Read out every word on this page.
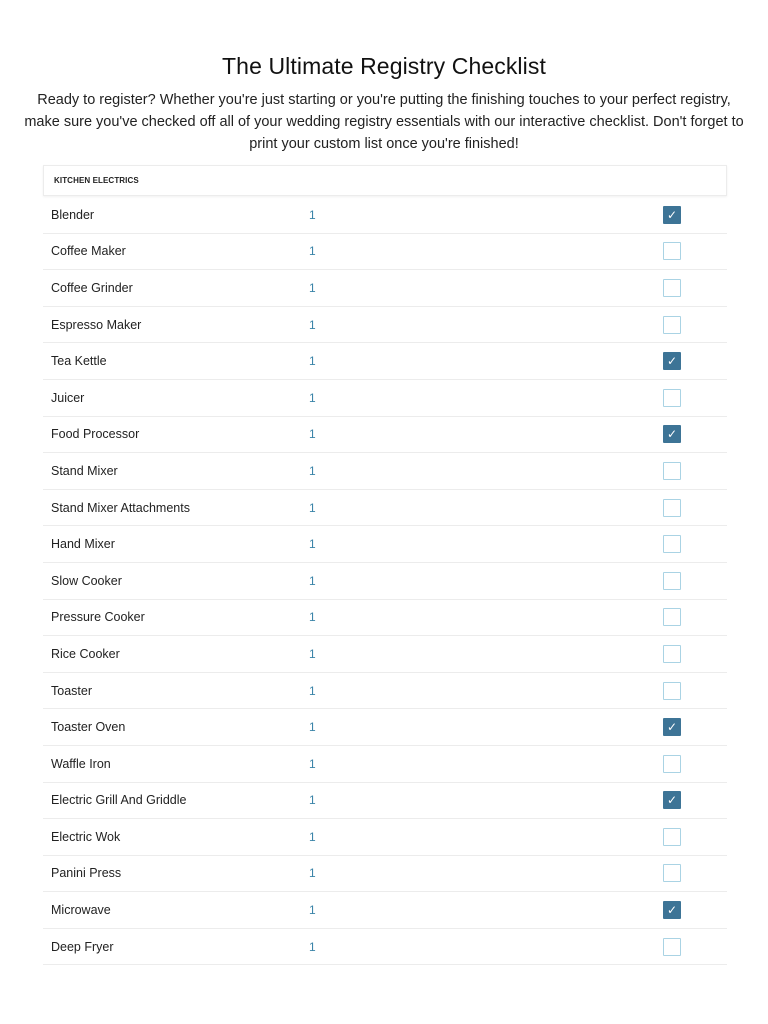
The Ultimate Registry Checklist

Ready to register? Whether you're just starting or you're putting the finishing touches to your perfect registry, make sure you've checked off all of your wedding registry essentials with our interactive checklist. Don't forget to print your custom list once you're finished!

KITCHEN ELECTRICS
Blender	1	✓
Coffee Maker	1
Coffee Grinder	1
Espresso Maker	1
Tea Kettle	1	✓
Juicer	1
Food Processor	1	✓
Stand Mixer	1
Stand Mixer Attachments	1
Hand Mixer	1
Slow Cooker	1
Pressure Cooker	1
Rice Cooker	1
Toaster	1
Toaster Oven	1	✓
Waffle Iron	1
Electric Grill And Griddle	1	✓
Electric Wok	1
Panini Press	1
Microwave	1	✓
Deep Fryer	1
